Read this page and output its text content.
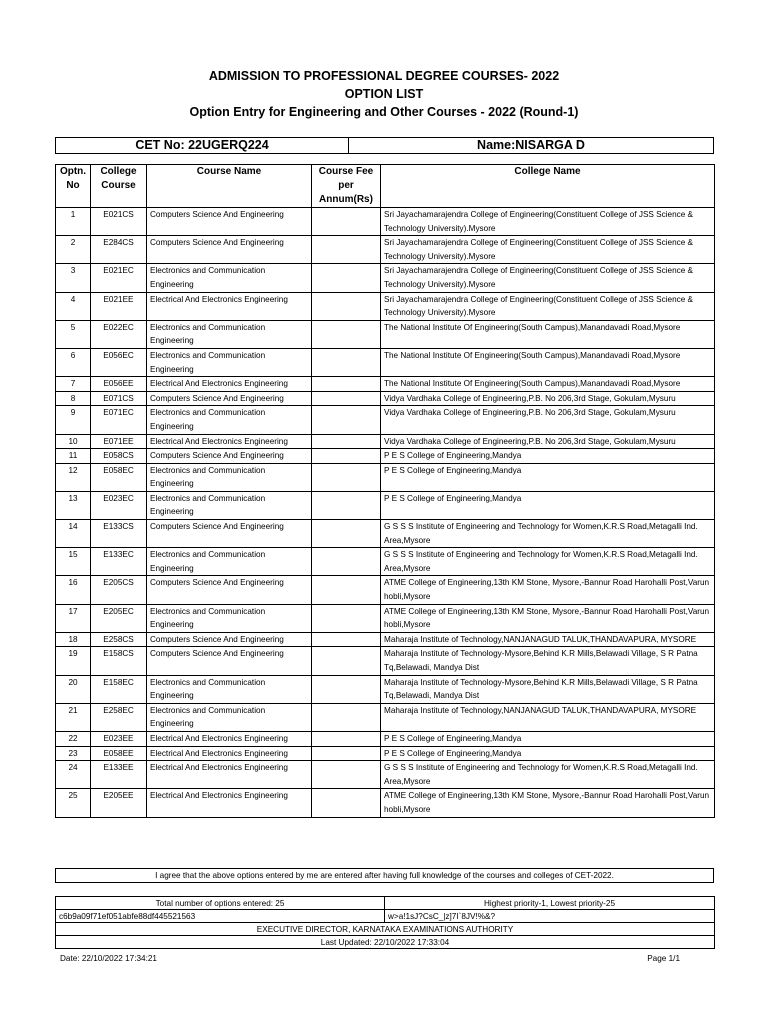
ADMISSION TO PROFESSIONAL DEGREE COURSES- 2022
OPTION LIST
Option Entry for Engineering and Other Courses - 2022 (Round-1)
CET No: 22UGERQ224	Name:NISARGA D
Optn. No	College Course	Course Name	Course Fee per Annum(Rs)	College Name
1	E021CS	Computers Science And Engineering		Sri Jayachamarajendra College of Engineering(Constituent College of JSS Science & Technology University).Mysore
2	E284CS	Computers Science And Engineering		Sri Jayachamarajendra College of Engineering(Constituent College of JSS Science & Technology University).Mysore
3	E021EC	Electronics and Communication Engineering		Sri Jayachamarajendra College of Engineering(Constituent College of JSS Science & Technology University).Mysore
4	E021EE	Electrical And Electronics Engineering		Sri Jayachamarajendra College of Engineering(Constituent College of JSS Science & Technology University).Mysore
5	E022EC	Electronics and Communication Engineering		The National Institute Of Engineering(South Campus),Manandavadi Road,Mysore
6	E056EC	Electronics and Communication Engineering		The National Institute Of Engineering(South Campus),Manandavadi Road,Mysore
7	E056EE	Electrical And Electronics Engineering		The National Institute Of Engineering(South Campus),Manandavadi Road,Mysore
8	E071CS	Computers Science And Engineering		Vidya Vardhaka College of Engineering,P.B. No 206,3rd Stage, Gokulam,Mysuru
9	E071EC	Electronics and Communication Engineering		Vidya Vardhaka College of Engineering,P.B. No 206,3rd Stage, Gokulam,Mysuru
10	E071EE	Electrical And Electronics Engineering		Vidya Vardhaka College of Engineering,P.B. No 206,3rd Stage, Gokulam,Mysuru
11	E058CS	Computers Science And Engineering		P E S College of Engineering,Mandya
12	E058EC	Electronics and Communication Engineering		P E S College of Engineering,Mandya
13	E023EC	Electronics and Communication Engineering		P E S College of Engineering,Mandya
14	E133CS	Computers Science And Engineering		G S S S Institute of Engineering and Technology for Women,K.R.S Road,Metagalli Ind. Area,Mysore
15	E133EC	Electronics and Communication Engineering		G S S S Institute of Engineering and Technology for Women,K.R.S Road,Metagalli Ind. Area,Mysore
16	E205CS	Computers Science And Engineering		ATME College of Engineering,13th KM Stone, Mysore,-Bannur Road Harohalli Post,Varun hobli,Mysore
17	E205EC	Electronics and Communication Engineering		ATME College of Engineering,13th KM Stone, Mysore,-Bannur Road Harohalli Post,Varun hobli,Mysore
18	E258CS	Computers Science And Engineering		Maharaja Institute of Technology,NANJANAGUD TALUK,THANDAVAPURA, MYSORE
19	E158CS	Computers Science And Engineering		Maharaja Institute of Technology-Mysore,Behind K.R Mills,Belawadi Village, S R Patna Tq,Belawadi, Mandya Dist
20	E158EC	Electronics and Communication Engineering		Maharaja Institute of Technology-Mysore,Behind K.R Mills,Belawadi Village, S R Patna Tq,Belawadi, Mandya Dist
21	E258EC	Electronics and Communication Engineering		Maharaja Institute of Technology,NANJANAGUD TALUK,THANDAVAPURA, MYSORE
22	E023EE	Electrical And Electronics Engineering		P E S College of Engineering,Mandya
23	E058EE	Electrical And Electronics Engineering		P E S College of Engineering,Mandya
24	E133EE	Electrical And Electronics Engineering		G S S S Institute of Engineering and Technology for Women,K.R.S Road,Metagalli Ind. Area,Mysore
25	E205EE	Electrical And Electronics Engineering		ATME College of Engineering,13th KM Stone, Mysore,-Bannur Road Harohalli Post,Varun hobli,Mysore
I agree that the above options entered by me are entered after having full knowledge of the courses and colleges of CET-2022.
Total number of options entered: 25	Highest priority-1, Lowest priority-25
c6b9a09f71ef051abfe88df445521563	w>a!1sJ?CsC_|z]7I`8JV!%&?
EXECUTIVE DIRECTOR, KARNATAKA EXAMINATIONS AUTHORITY	
Last Updated: 22/10/2022 17:33:04	
Date: 22/10/2022 17:34:21	Page 1/1
